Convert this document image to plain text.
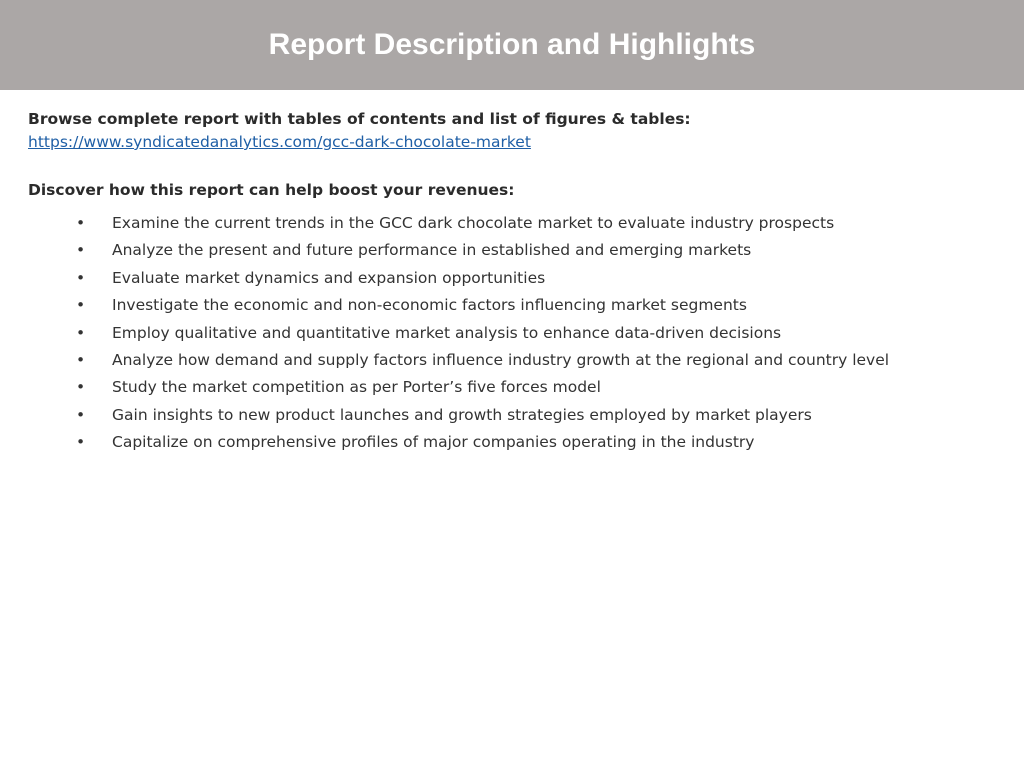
Report Description and Highlights

Browse complete report with tables of contents and list of figures & tables:

https://www.syndicatedanalytics.com/gcc-dark-chocolate-market

Discover how this report can help boost your revenues:

• Examine the current trends in the GCC dark chocolate market to evaluate industry prospects
• Analyze the present and future performance in established and emerging markets
• Evaluate market dynamics and expansion opportunities
• Investigate the economic and non-economic factors influencing market segments
• Employ qualitative and quantitative market analysis to enhance data-driven decisions
• Analyze how demand and supply factors influence industry growth at the regional and country level
• Study the market competition as per Porter’s five forces model
• Gain insights to new product launches and growth strategies employed by market players
• Capitalize on comprehensive profiles of major companies operating in the industry
